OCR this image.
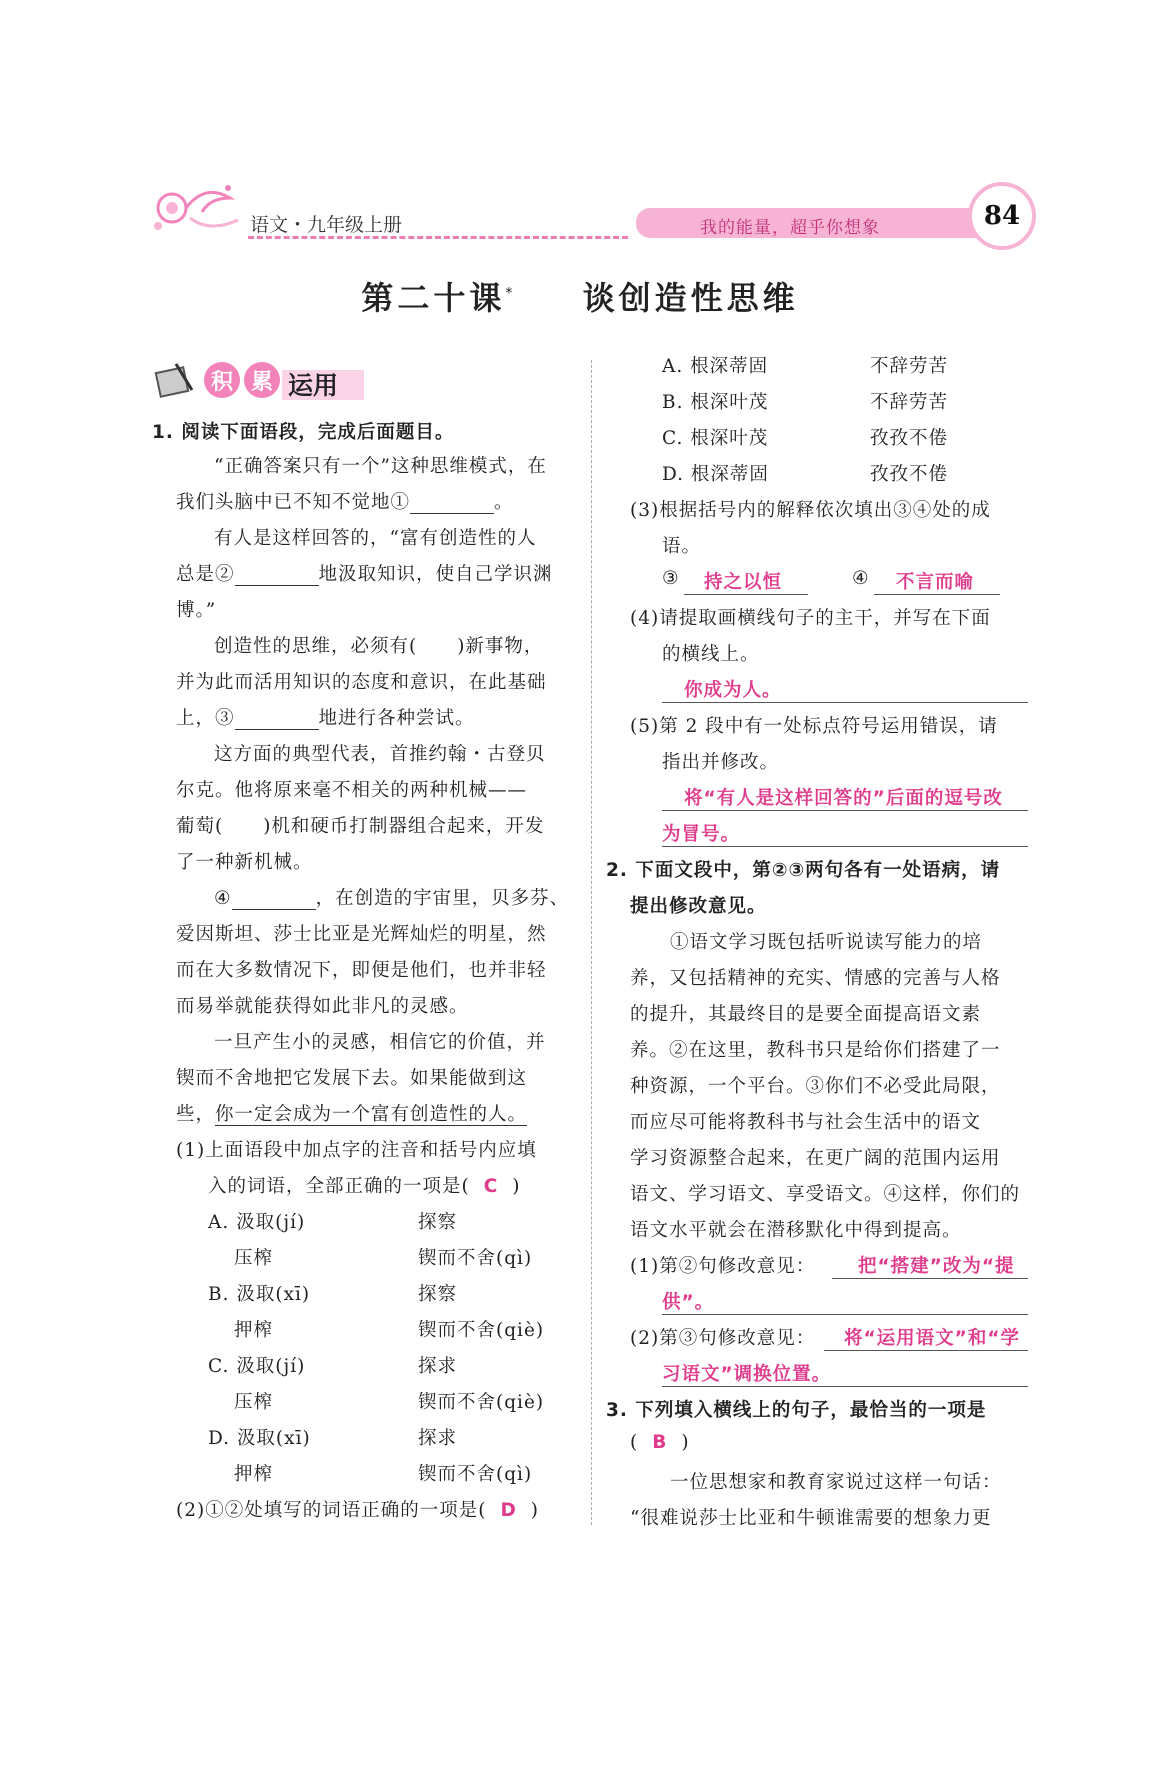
语文・九年级上册	我的能量，超乎你想象	84
第二十课* 谈创造性思维
积 累 运用
1. 阅读下面语段，完成后面题目。
“正确答案只有一个”这种思维模式，在
我们头脑中已不知不觉地①	。
有人是这样回答的，“富有创造性的人
总是②	地汲取知识，使自己学识渊
博。”
创造性的思维，必须有( )新事物，
并为此而活用知识的态度和意识，在此基础
上，③	地进行各种尝试。
这方面的典型代表，首推约翰・古登贝
尔克。他将原来毫不相关的两种机械——
葡萄( )机和硬币打制器组合起来，开发
了一种新机械。
④	，在创造的宇宙里，贝多芬、
爱因斯坦、莎士比亚是光辉灿烂的明星，然
而在大多数情况下，即便是他们，也并非轻
而易举就能获得如此非凡的灵感。
一旦产生小的灵感，相信它的价值，并
锲而不舍地把它发展下去。如果能做到这
些，你一定会成为一个富有创造性的人。
(1)上面语段中加点字的注音和括号内应填
入的词语，全部正确的一项是( C )
A. 汲取(jí)	探察
压榨	锲而不舍(qì)
B. 汲取(xī)	探察
押榨	锲而不舍(qiè)
C. 汲取(jí)	探求
压榨	锲而不舍(qiè)
D. 汲取(xī)	探求
押榨	锲而不舍(qì)
(2)①②处填写的词语正确的一项是( D )
A. 根深蒂固	不辞劳苦
B. 根深叶茂	不辞劳苦
C. 根深叶茂	孜孜不倦
D. 根深蒂固	孜孜不倦
(3)根据括号内的解释依次填出③④处的成
语。
③ 持之以恒	④ 不言而喻
(4)请提取画横线句子的主干，并写在下面
的横线上。
你成为人。
(5)第 2 段中有一处标点符号运用错误，请
指出并修改。
将“有人是这样回答的”后面的逗号改
为冒号。
2. 下面文段中，第②③两句各有一处语病，请
提出修改意见。
①语文学习既包括听说读写能力的培
养，又包括精神的充实、情感的完善与人格
的提升，其最终目的是要全面提高语文素
养。②在这里，教科书只是给你们搭建了一
种资源，一个平台。③你们不必受此局限，
而应尽可能将教科书与社会生活中的语文
学习资源整合起来，在更广阔的范围内运用
语文、学习语文、享受语文。④这样，你们的
语文水平就会在潜移默化中得到提高。
(1)第②句修改意见： 把“搭建”改为“提
供”。
(2)第③句修改意见： 将“运用语文”和“学
习语文”调换位置。
3. 下列填入横线上的句子，最恰当的一项是
( B )
一位思想家和教育家说过这样一句话：
“很难说莎士比亚和牛顿谁需要的想象力更
